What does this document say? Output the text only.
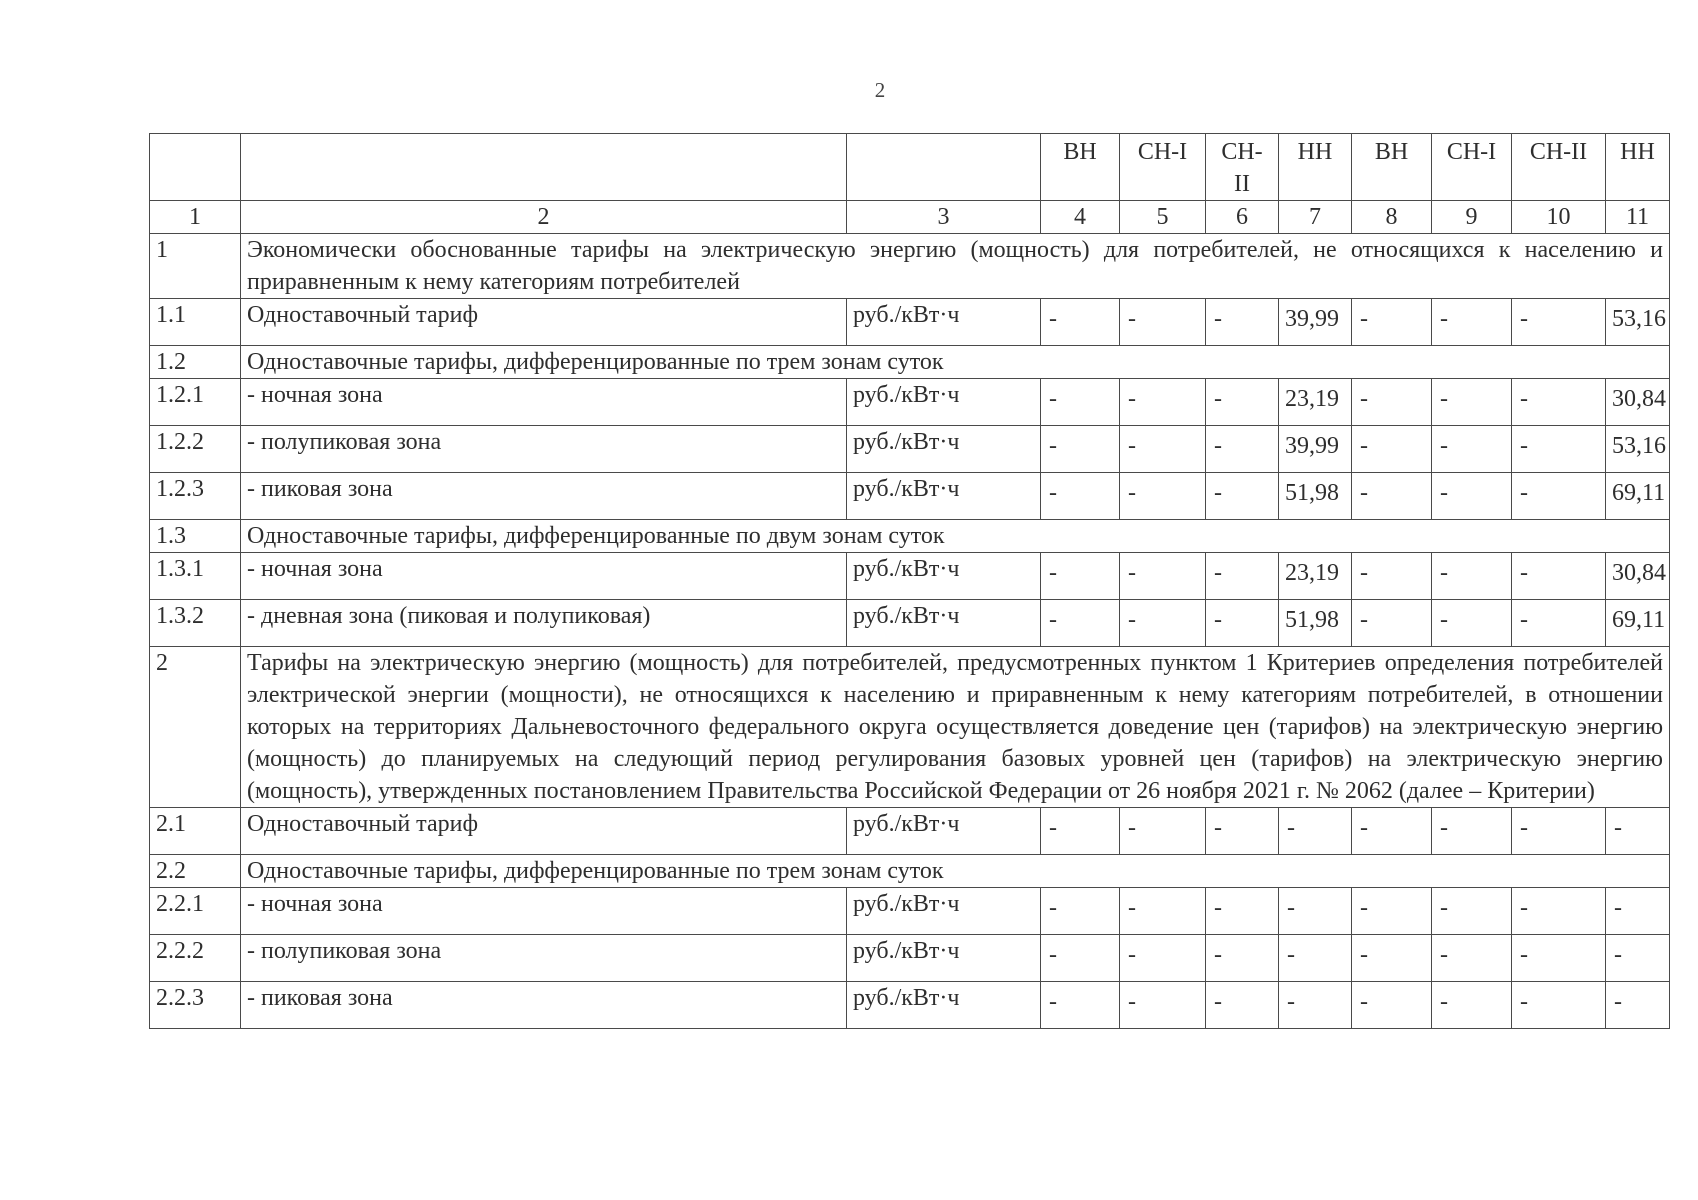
2
			ВН	СН-I	СН-
II	НН	ВН	СН-I	СН-II	НН
1	2	3	4	5	6	7	8	9	10	11
1	Экономически обоснованные тарифы на электрическую энергию (мощность) для потребителей, не относящихся к населению и приравненным к нему категориям потребителей									
1.1	Одноставочный тариф	руб./кВт·ч	-	-	-	39,99	-	-	-	53,16
1.2	Одноставочные тарифы, дифференцированные по трем зонам суток									
1.2.1	- ночная зона	руб./кВт·ч	-	-	-	23,19	-	-	-	30,84
1.2.2	- полупиковая зона	руб./кВт·ч	-	-	-	39,99	-	-	-	53,16
1.2.3	- пиковая зона	руб./кВт·ч	-	-	-	51,98	-	-	-	69,11
1.3	Одноставочные тарифы, дифференцированные по двум зонам суток									
1.3.1	- ночная зона	руб./кВт·ч	-	-	-	23,19	-	-	-	30,84
1.3.2	- дневная зона (пиковая и полупиковая)	руб./кВт·ч	-	-	-	51,98	-	-	-	69,11
2	Тарифы на электрическую энергию (мощность) для потребителей, предусмотренных пунктом 1 Критериев определения потребителей электрической энергии (мощности), не относящихся к населению и приравненным к нему категориям потребителей, в отношении которых на территориях Дальневосточного федерального округа осуществляется доведение цен (тарифов) на электрическую энергию (мощность) до планируемых на следующий период регулирования базовых уровней цен (тарифов) на электрическую энергию (мощность), утвержденных постановлением Правительства Российской Федерации от 26 ноября 2021 г. № 2062 (далее – Критерии)									
2.1	Одноставочный тариф	руб./кВт·ч	-	-	-	-	-	-	-	-
2.2	Одноставочные тарифы, дифференцированные по трем зонам суток									
2.2.1	- ночная зона	руб./кВт·ч	-	-	-	-	-	-	-	-
2.2.2	- полупиковая зона	руб./кВт·ч	-	-	-	-	-	-	-	-
2.2.3	- пиковая зона	руб./кВт·ч	-	-	-	-	-	-	-	-
